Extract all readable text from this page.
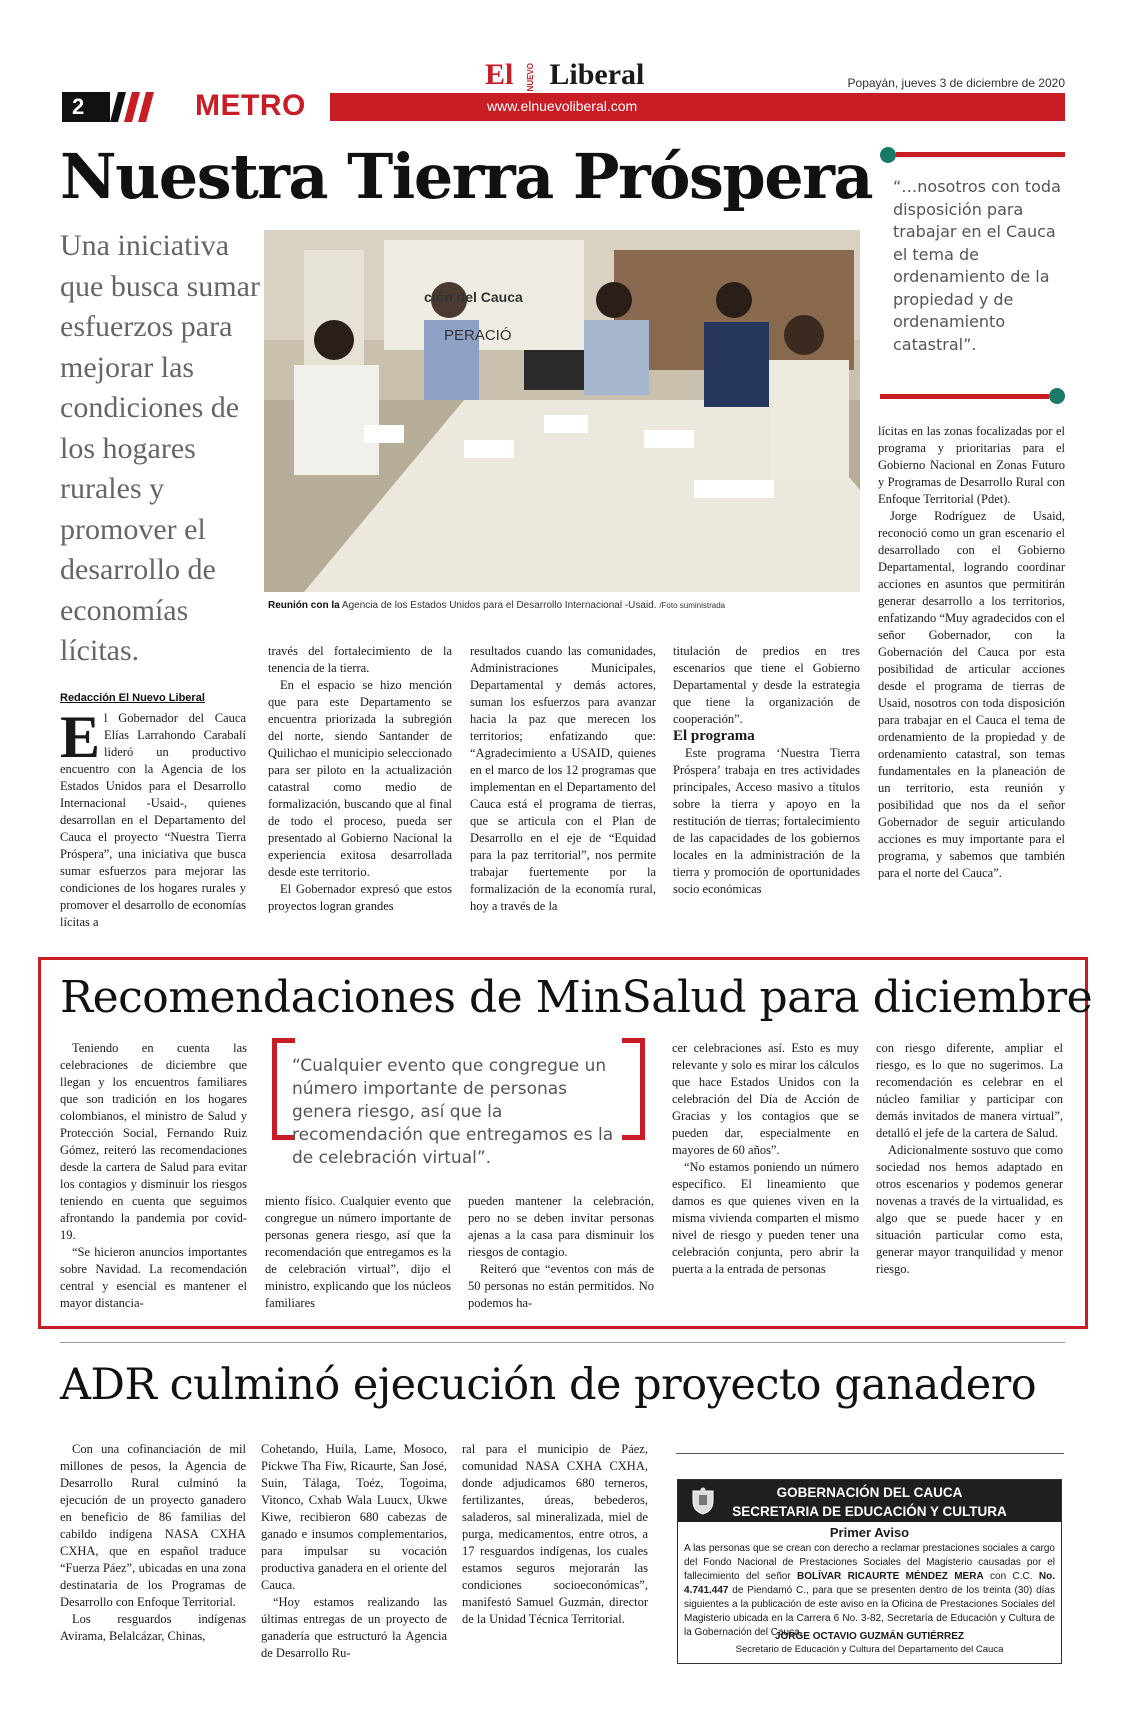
2	METRO	www.elnuevoliberal.com
El NUEVO Liberal	Popayán, jueves 3 de diciembre de 2020
Nuestra Tierra Próspera
Una iniciativa que busca sumar esfuerzos para mejorar las condiciones de los hogares rurales y promover el desarrollo de economías lícitas.
ción del Cauca
PERACIÓ
Reunión con la Agencia de los Estados Unidos para el Desarrollo Internacional -Usaid. /Foto suministrada
“…nosotros con toda disposición para trabajar en el Cauca el tema de ordenamiento de la propiedad y de ordenamiento catastral”.
Redacción El Nuevo Liberal

El Gobernador del Cauca Elías Larrahondo Carabalí lideró un productivo encuentro con la Agencia de los Estados Unidos para el Desarrollo Internacional -Usaid-, quienes desarrollan en el Departamento del Cauca el proyecto “Nuestra Tierra Próspera”, una iniciativa que busca sumar esfuerzos para mejorar las condiciones de los hogares rurales y promover el desarrollo de economías lícitas a

través del fortalecimiento de la tenencia de la tierra.

En el espacio se hizo mención que para este Departamento se encuentra priorizada la subregión del norte, siendo Santander de Quilichao el municipio seleccionado para ser piloto en la actualización catastral como medio de formalización, buscando que al final de todo el proceso, pueda ser presentado al Gobierno Nacional la experiencia exitosa desarrollada desde este territorio.

El Gobernador expresó que estos proyectos logran grandes

resultados cuando las comunidades, Administraciones Municipales, Departamental y demás actores, suman los esfuerzos para avanzar hacia la paz que merecen los territorios; enfatizando que: “Agradecimiento a USAID, quienes en el marco de los 12 programas que implementan en el Departamento del Cauca está el programa de tierras, que se articula con el Plan de Desarrollo en el eje de “Equidad para la paz territorial”, nos permite trabajar fuertemente por la formalización de la economía rural, hoy a través de la

titulación de predios en tres escenarios que tiene el Gobierno Departamental y desde la estrategia que tiene la organización de cooperación”.

El programa

Este programa ‘Nuestra Tierra Próspera’ trabaja en tres actividades principales, Acceso masivo a títulos sobre la tierra y apoyo en la restitución de tierras; fortalecimiento de las capacidades de los gobiernos locales en la administración de la tierra y promoción de oportunidades socio económicas

lícitas en las zonas focalizadas por el programa y prioritarias para el Gobierno Nacional en Zonas Futuro y Programas de Desarrollo Rural con Enfoque Territorial (Pdet).

Jorge Rodríguez de Usaid, reconoció como un gran escenario el desarrollado con el Gobierno Departamental, logrando coordinar acciones en asuntos que permitirán generar desarrollo a los territorios, enfatizando “Muy agradecidos con el señor Gobernador, con la Gobernación del Cauca por esta posibilidad de articular acciones desde el programa de tierras de Usaid, nosotros con toda disposición para trabajar en el Cauca el tema de ordenamiento de la propiedad y de ordenamiento catastral, son temas fundamentales en la planeación de un territorio, esta reunión y posibilidad que nos da el señor Gobernador de seguir articulando acciones es muy importante para el programa, y sabemos que también para el norte del Cauca”.

Recomendaciones de MinSalud para diciembre
“Cualquier evento que congregue un número importante de personas genera riesgo, así que la recomendación que entregamos es la de celebración virtual”.

Teniendo en cuenta las celebraciones de diciembre que llegan y los encuentros familiares que son tradición en los hogares colombianos, el ministro de Salud y Protección Social, Fernando Ruiz Gómez, reiteró las recomendaciones desde la cartera de Salud para evitar los contagios y disminuir los riesgos teniendo en cuenta que seguimos afrontando la pandemia por covid-19.

“Se hicieron anuncios importantes sobre Navidad. La recomendación central y esencial es mantener el mayor distancia-

miento físico. Cualquier evento que congregue un número importante de personas genera riesgo, así que la recomendación que entregamos es la de celebración virtual”, dijo el ministro, explicando que los núcleos familiares

pueden mantener la celebración, pero no se deben invitar personas ajenas a la casa para disminuir los riesgos de contagio.

Reiteró que “eventos con más de 50 personas no están permitidos. No podemos ha-

cer celebraciones así. Esto es muy relevante y solo es mirar los cálculos que hace Estados Unidos con la celebración del Día de Acción de Gracias y los contagios que se pueden dar, especialmente en mayores de 60 años”.

“No estamos poniendo un número específico. El lineamiento que damos es que quienes viven en la misma vivienda comparten el mismo nivel de riesgo y pueden tener una celebración conjunta, pero abrir la puerta a la entrada de personas

con riesgo diferente, ampliar el riesgo, es lo que no sugerimos. La recomendación es celebrar en el núcleo familiar y participar con demás invitados de manera virtual”, detalló el jefe de la cartera de Salud.

Adicionalmente sostuvo que como sociedad nos hemos adaptado en otros escenarios y podemos generar novenas a través de la virtualidad, es algo que se puede hacer y en situación particular como esta, generar mayor tranquilidad y menor riesgo.

ADR culminó ejecución de proyecto ganadero

Con una cofinanciación de mil millones de pesos, la Agencia de Desarrollo Rural culminó la ejecución de un proyecto ganadero en beneficio de 86 familias del cabildo indígena NASA CXHA CXHA, que en español traduce “Fuerza Páez”, ubicadas en una zona destinataria de los Programas de Desarrollo con Enfoque Territorial.

Los resguardos indígenas Avirama, Belalcázar, Chinas,

Cohetando, Huila, Lame, Mosoco, Pickwe Tha Fiw, Ricaurte, San José, Suin, Tálaga, Toéz, Togoima, Vitonco, Cxhab Wala Luucx, Ukwe Kiwe, recibieron 680 cabezas de ganado e insumos complementarios, para impulsar su vocación productiva ganadera en el oriente del Cauca.

“Hoy estamos realizando las últimas entregas de un proyecto de ganadería que estructuró la Agencia de Desarrollo Ru-

ral para el municipio de Páez, comunidad NASA CXHA CXHA, donde adjudicamos 680 terneros, fertilizantes, úreas, bebederos, saladeros, sal mineralizada, miel de purga, medicamentos, entre otros, a 17 resguardos indígenas, los cuales estamos seguros mejorarán las condiciones socioeconómicas”, manifestó Samuel Guzmán, director de la Unidad Técnica Territorial.

GOBERNACIÓN DEL CAUCA
SECRETARIA DE EDUCACIÓN Y CULTURA
Primer Aviso
A las personas que se crean con derecho a reclamar prestaciones sociales a cargo del Fondo Nacional de Prestaciones Sociales del Magisterio causadas por el fallecimiento del señor BOLÍVAR RICAURTE MÉNDEZ MERA con C.C. No. 4.741.447 de Piendamó C., para que se presenten dentro de los treinta (30) días siguientes a la publicación de este aviso en la Oficina de Prestaciones Sociales del Magisterio ubicada en la Carrera 6 No. 3-82, Secretaría de Educación y Cultura de la Gobernación del Cauca.
JORGE OCTAVIO GUZMÁN GUTIÉRREZ
Secretario de Educación y Cultura del Departamento del Cauca
